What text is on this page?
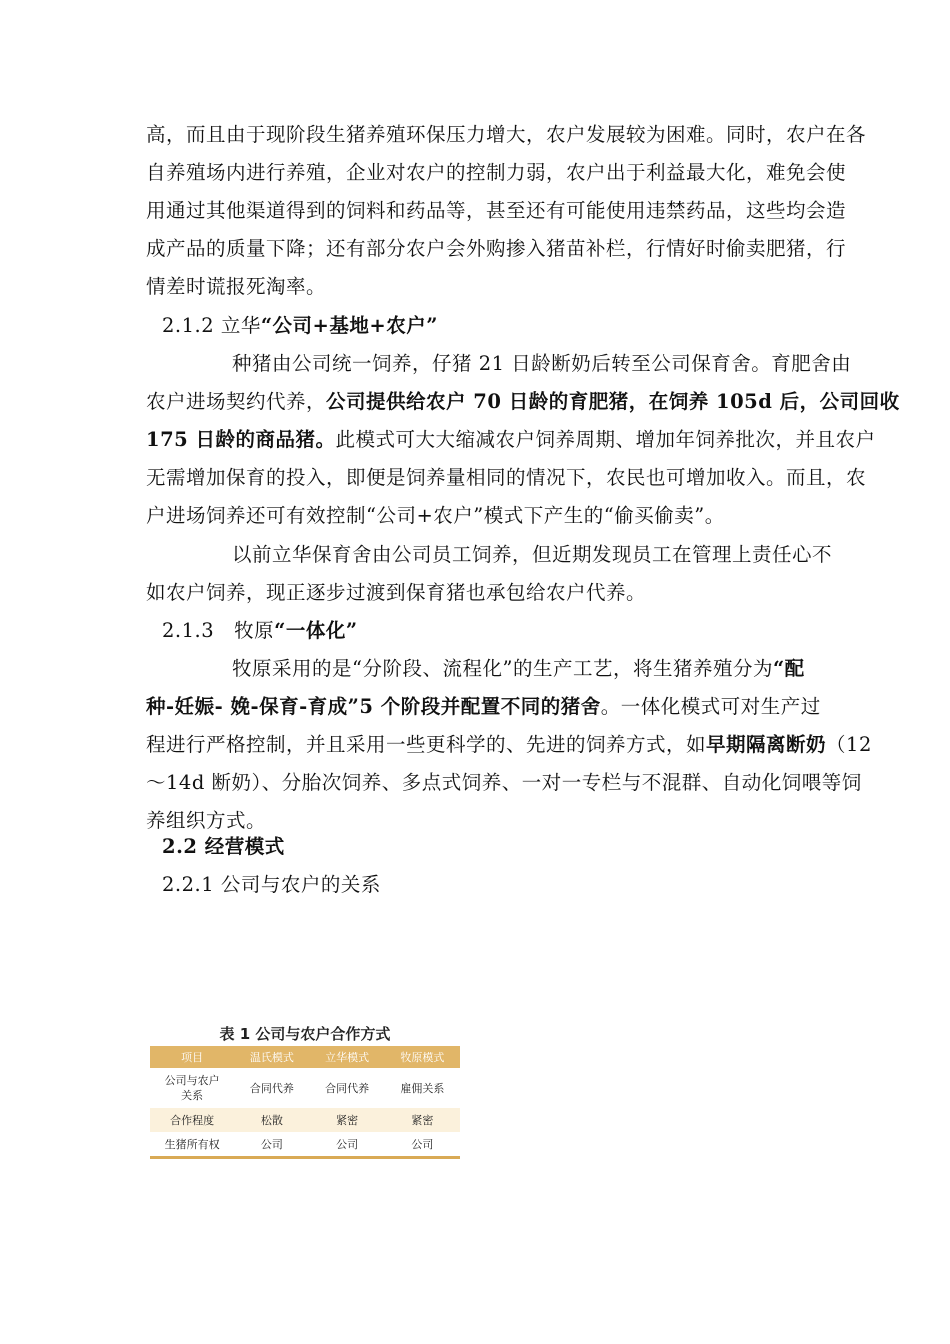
高，而且由于现阶段生猪养殖环保压力增大，农户发展较为困难。同时，农户在各
自养殖场内进行养殖，企业对农户的控制力弱，农户出于利益最大化，难免会使
用通过其他渠道得到的饲料和药品等，甚至还有可能使用违禁药品，这些均会造
成产品的质量下降；还有部分农户会外购掺入猪苗补栏，行情好时偷卖肥猪，行
情差时谎报死淘率。
2.1.2 立华“公司+基地+农户”
种猪由公司统一饲养，仔猪 21 日龄断奶后转至公司保育舍。育肥舍由
农户进场契约代养，公司提供给农户 70 日龄的育肥猪，在饲养 105d 后，公司回收
175 日龄的商品猪。此模式可大大缩减农户饲养周期、增加年饲养批次，并且农户
无需增加保育的投入，即便是饲养量相同的情况下，农民也可增加收入。而且，农
户进场饲养还可有效控制“公司+农户”模式下产生的“偷买偷卖”。
以前立华保育舍由公司员工饲养，但近期发现员工在管理上责任心不
如农户饲养，现正逐步过渡到保育猪也承包给农户代养。
2.1.3　牧原“一体化”
牧原采用的是“分阶段、流程化”的生产工艺，将生猪养殖分为“配
种-妊娠- 娩-保育-育成”5 个阶段并配置不同的猪舍。一体化模式可对生产过
程进行严格控制，并且采用一些更科学的、先进的饲养方式，如早期隔离断奶（12
～14d 断奶）、分胎次饲养、多点式饲养、一对一专栏与不混群、自动化饲喂等饲
养组织方式。
2.2 经营模式
2.2.1 公司与农户的关系
表 1 公司与农户合作方式
项目	温氏模式	立华模式	牧原模式
公司与农户
关系	合同代养	合同代养	雇佣关系
合作程度	松散	紧密	紧密
生猪所有权	公司	公司	公司
